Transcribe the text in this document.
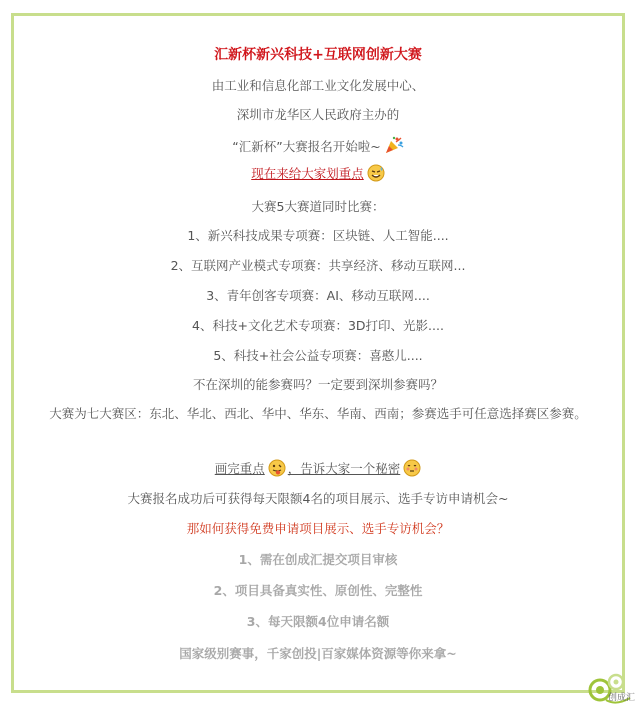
汇新杯新兴科技+互联网创新大赛
由工业和信息化部工业文化发展中心、
深圳市龙华区人民政府主办的
“汇新杯”大赛报名开始啦~
现在来给大家划重点
大赛5大赛道同时比赛：
1、新兴科技成果专项赛：区块链、人工智能....
2、互联网产业模式专项赛：共享经济、移动互联网...
3、青年创客专项赛：AI、移动互联网....
4、科技+文化艺术专项赛：3D打印、光影....
5、科技+社会公益专项赛：喜憨儿....
不在深圳的能参赛吗？一定要到深圳参赛吗？
大赛为七大赛区：东北、华北、西北、华中、华东、华南、西南；参赛选手可任意选择赛区参赛。
画完重点 ，告诉大家一个秘密
大赛报名成功后可获得每天限额4名的项目展示、选手专访申请机会~
那如何获得免费申请项目展示、选手专访机会？
1、需在创成汇提交项目审核
2、项目具备真实性、原创性、完整性
3、每天限额4位申请名额
国家级别赛事，千家创投|百家媒体资源等你来拿~
创成汇
